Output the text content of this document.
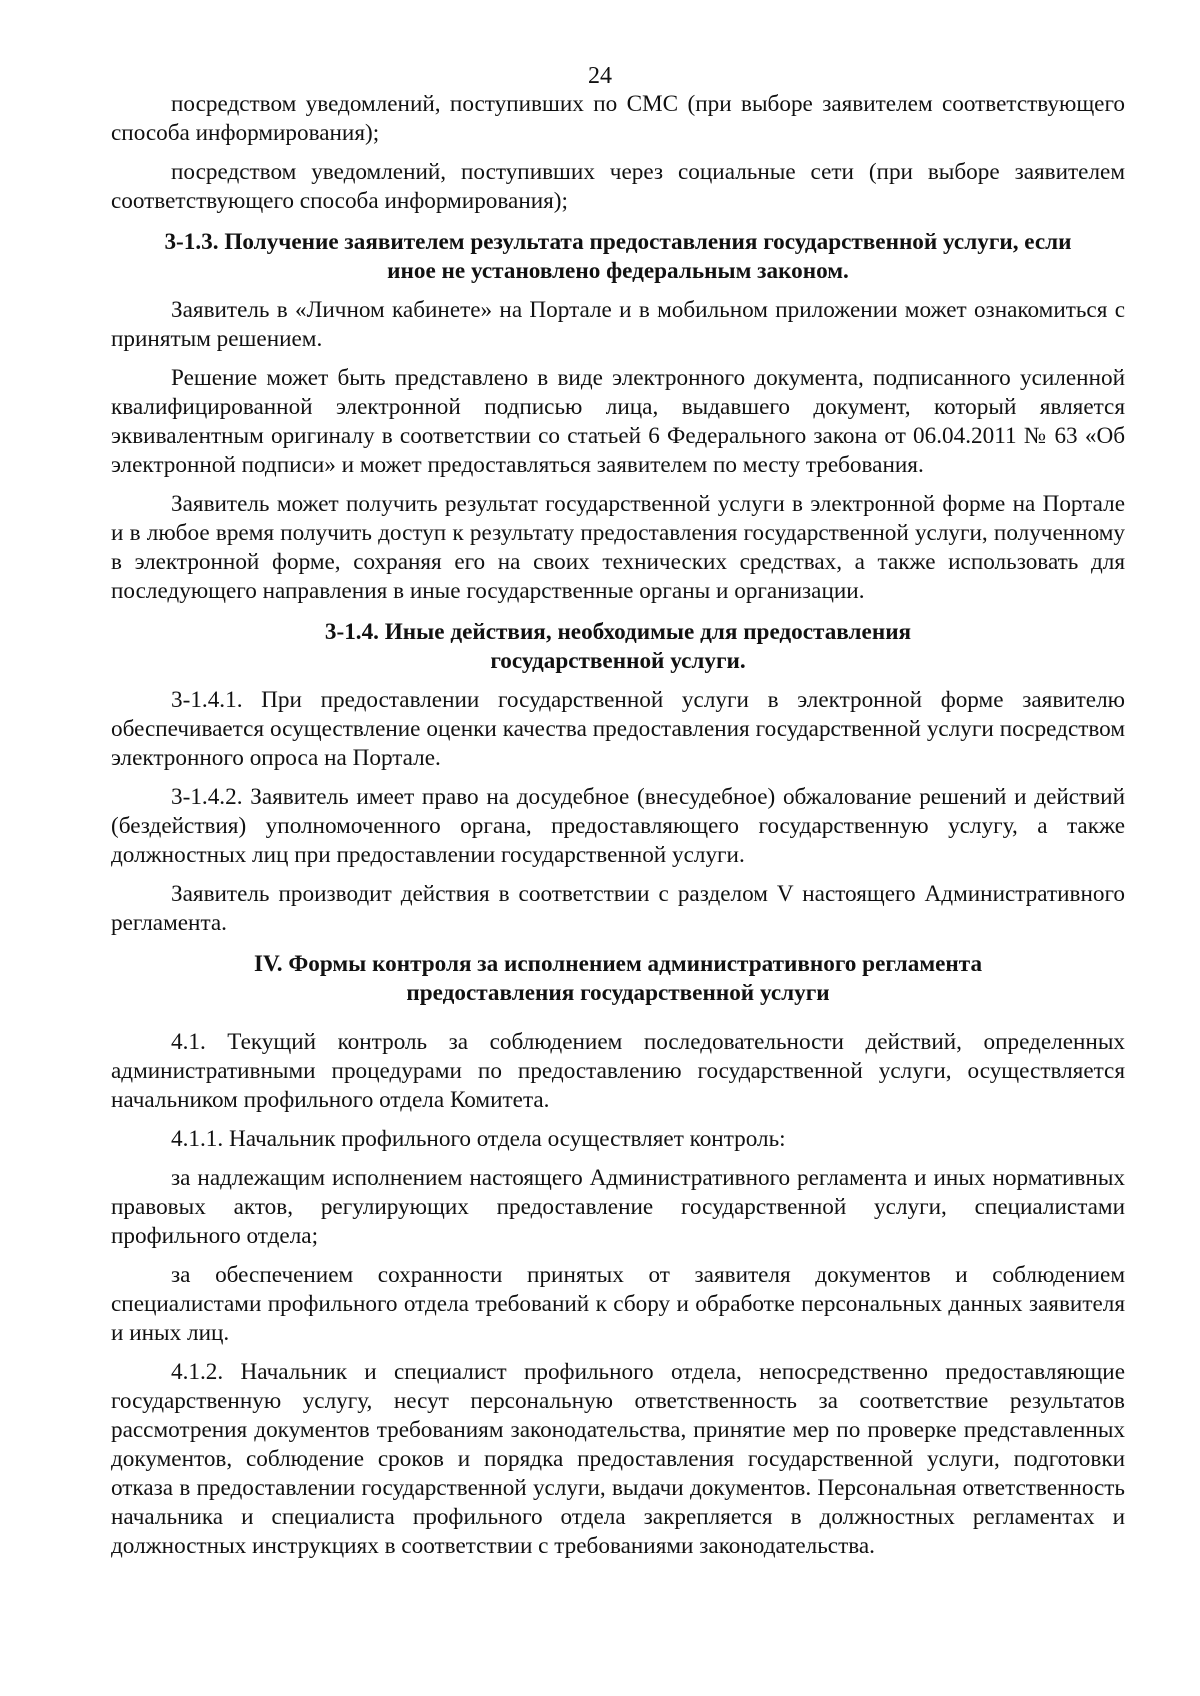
24

посредством уведомлений, поступивших по СМС (при выборе заявителем соответствующего способа информирования);

посредством уведомлений, поступивших через социальные сети (при выборе заявителем соответствующего способа информирования);

3-1.3. Получение заявителем результата предоставления государственной услуги, если
иное не установлено федеральным законом.

Заявитель в «Личном кабинете» на Портале и в мобильном приложении может ознакомиться с принятым решением.

Решение может быть представлено в виде электронного документа, подписанного усиленной квалифицированной электронной подписью лица, выдавшего документ, который является эквивалентным оригиналу в соответствии со статьей 6 Федерального закона от 06.04.2011 № 63 «Об электронной подписи» и может предоставляться заявителем по месту требования.

Заявитель может получить результат государственной услуги в электронной форме на Портале и в любое время получить доступ к результату предоставления государственной услуги, полученному в электронной форме, сохраняя его на своих технических средствах, а также использовать для последующего направления в иные государственные органы и организации.

3-1.4. Иные действия, необходимые для предоставления
государственной услуги.

3-1.4.1. При предоставлении государственной услуги в электронной форме заявителю обеспечивается осуществление оценки качества предоставления государственной услуги посредством электронного опроса на Портале.

3-1.4.2. Заявитель имеет право на досудебное (внесудебное) обжалование решений и действий (бездействия) уполномоченного органа, предоставляющего государственную услугу, а также должностных лиц при предоставлении государственной услуги.

Заявитель производит действия в соответствии с разделом V настоящего Административного регламента.

IV. Формы контроля за исполнением административного регламента
предоставления государственной услуги

4.1. Текущий контроль за соблюдением последовательности действий, определенных административными процедурами по предоставлению государственной услуги, осуществляется начальником профильного отдела Комитета.

4.1.1. Начальник профильного отдела осуществляет контроль:

за надлежащим исполнением настоящего Административного регламента и иных нормативных правовых актов, регулирующих предоставление государственной услуги, специалистами профильного отдела;

за обеспечением сохранности принятых от заявителя документов и соблюдением специалистами профильного отдела требований к сбору и обработке персональных данных заявителя и иных лиц.

4.1.2. Начальник и специалист профильного отдела, непосредственно предоставляющие государственную услугу, несут персональную ответственность за соответствие результатов рассмотрения документов требованиям законодательства, принятие мер по проверке представленных документов, соблюдение сроков и порядка предоставления государственной услуги, подготовки отказа в предоставлении государственной услуги, выдачи документов. Персональная ответственность начальника и специалиста профильного отдела закрепляется в должностных регламентах и должностных инструкциях в соответствии с требованиями законодательства.
